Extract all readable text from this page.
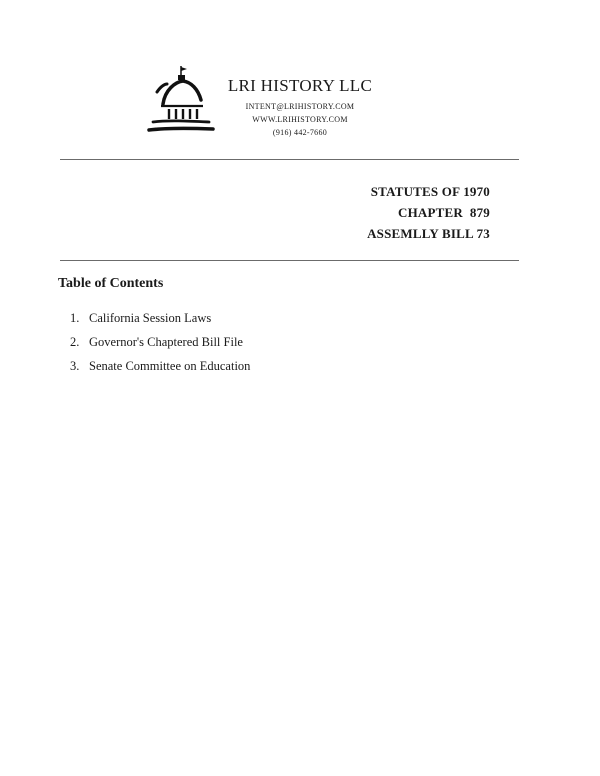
LRI HISTORY LLC
INTENT@LRIHISTORY.COM
WWW.LRIHISTORY.COM
(916) 442-7660
STATUTES OF 1970
CHAPTER  879
ASSEMLLY BILL 73
Table of Contents
1. California Session Laws
2. Governor's Chaptered Bill File
3. Senate Committee on Education
